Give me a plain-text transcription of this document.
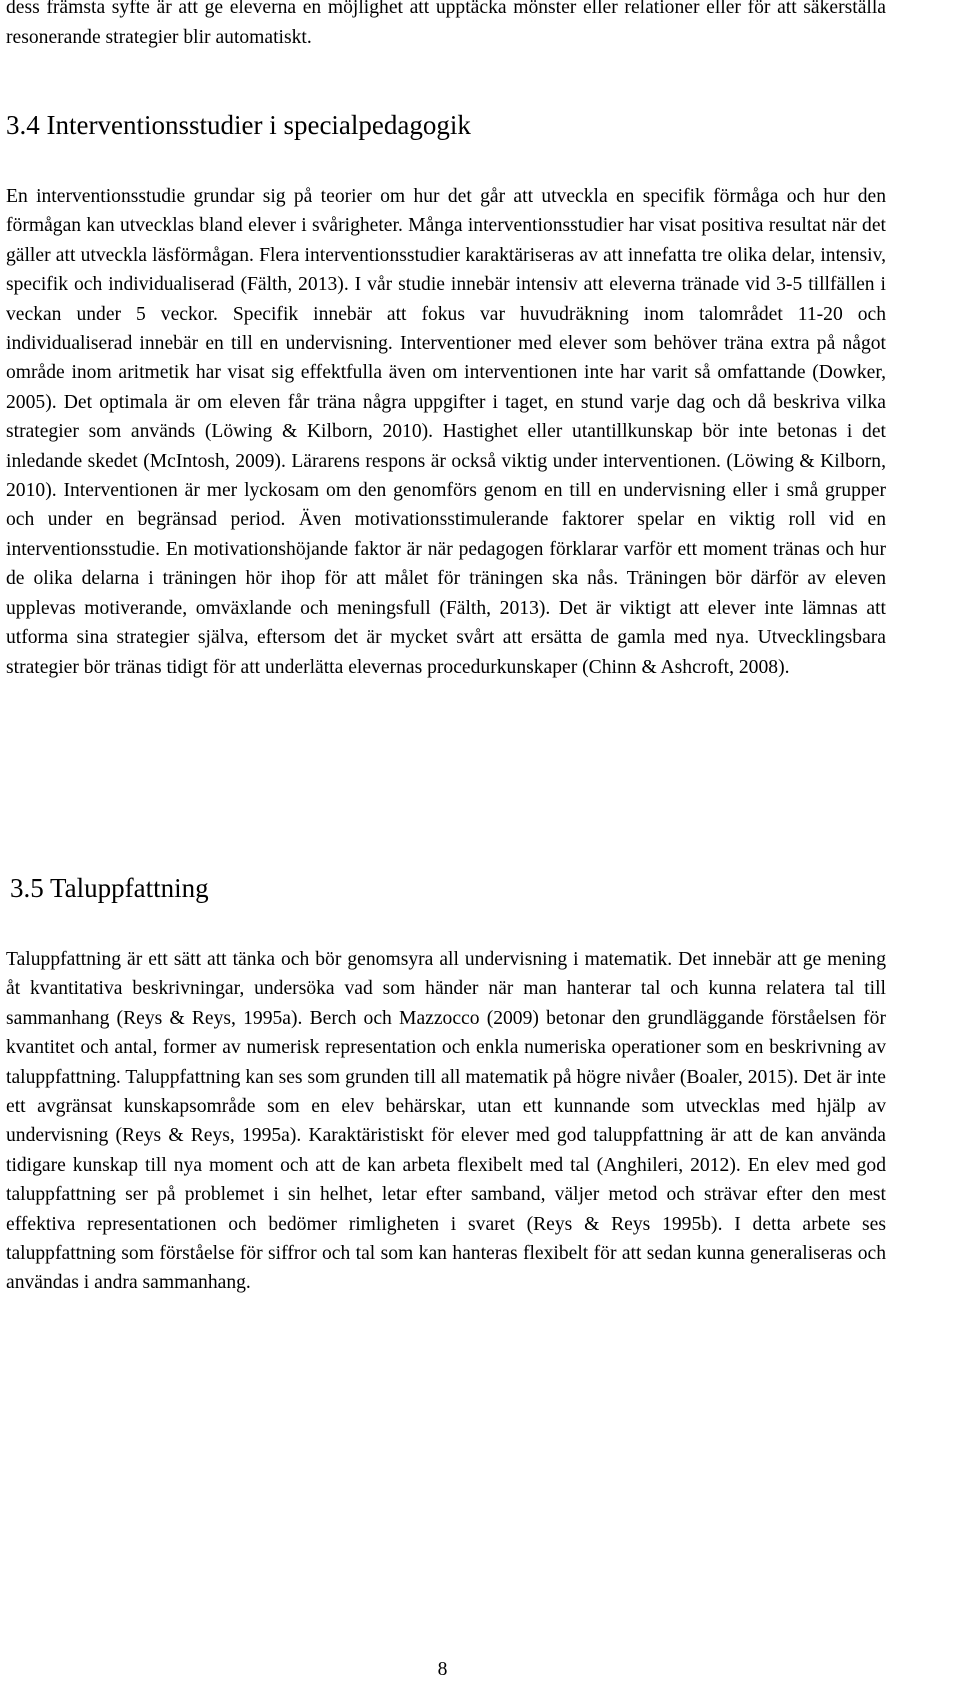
dess främsta syfte är att ge eleverna en möjlighet att upptäcka mönster eller relationer eller för att säkerställa resonerande strategier blir automatiskt.

3.4 Interventionsstudier i specialpedagogik

En interventionsstudie grundar sig på teorier om hur det går att utveckla en specifik förmåga och hur den förmågan kan utvecklas bland elever i svårigheter. Många interventionsstudier har visat positiva resultat när det gäller att utveckla läsförmågan. Flera interventionsstudier karaktäriseras av att innefatta tre olika delar, intensiv, specifik och individualiserad (Fälth, 2013). I vår studie innebär intensiv att eleverna tränade vid 3-5 tillfällen i veckan under 5 veckor. Specifik innebär att fokus var huvudräkning inom talområdet 11-20 och individualiserad innebär en till en undervisning. Interventioner med elever som behöver träna extra på något område inom aritmetik har visat sig effektfulla även om interventionen inte har varit så omfattande (Dowker, 2005). Det optimala är om eleven får träna några uppgifter i taget, en stund varje dag och då beskriva vilka strategier som används (Löwing & Kilborn, 2010). Hastighet eller utantillkunskap bör inte betonas i det inledande skedet (McIntosh, 2009). Lärarens respons är också viktig under interventionen. (Löwing & Kilborn, 2010). Interventionen är mer lyckosam om den genomförs genom en till en undervisning eller i små grupper och under en begränsad period. Även motivationsstimulerande faktorer spelar en viktig roll vid en interventionsstudie. En motivationshöjande faktor är när pedagogen förklarar varför ett moment tränas och hur de olika delarna i träningen hör ihop för att målet för träningen ska nås. Träningen bör därför av eleven upplevas motiverande, omväxlande och meningsfull (Fälth, 2013). Det är viktigt att elever inte lämnas att utforma sina strategier själva, eftersom det är mycket svårt att ersätta de gamla med nya. Utvecklingsbara strategier bör tränas tidigt för att underlätta elevernas procedurkunskaper (Chinn & Ashcroft, 2008).

3.5 Taluppfattning

Taluppfattning är ett sätt att tänka och bör genomsyra all undervisning i matematik. Det innebär att ge mening åt kvantitativa beskrivningar, undersöka vad som händer när man hanterar tal och kunna relatera tal till sammanhang (Reys & Reys, 1995a). Berch och Mazzocco (2009) betonar den grundläggande förståelsen för kvantitet och antal, former av numerisk representation och enkla numeriska operationer som en beskrivning av taluppfattning. Taluppfattning kan ses som grunden till all matematik på högre nivåer (Boaler, 2015). Det är inte ett avgränsat kunskapsområde som en elev behärskar, utan ett kunnande som utvecklas med hjälp av undervisning (Reys & Reys, 1995a). Karaktäristiskt för elever med god taluppfattning är att de kan använda tidigare kunskap till nya moment och att de kan arbeta flexibelt med tal (Anghileri, 2012). En elev med god taluppfattning ser på problemet i sin helhet, letar efter samband, väljer metod och strävar efter den mest effektiva representationen och bedömer rimligheten i svaret (Reys & Reys 1995b). I detta arbete ses taluppfattning som förståelse för siffror och tal som kan hanteras flexibelt för att sedan kunna generaliseras och användas i andra sammanhang.

8
